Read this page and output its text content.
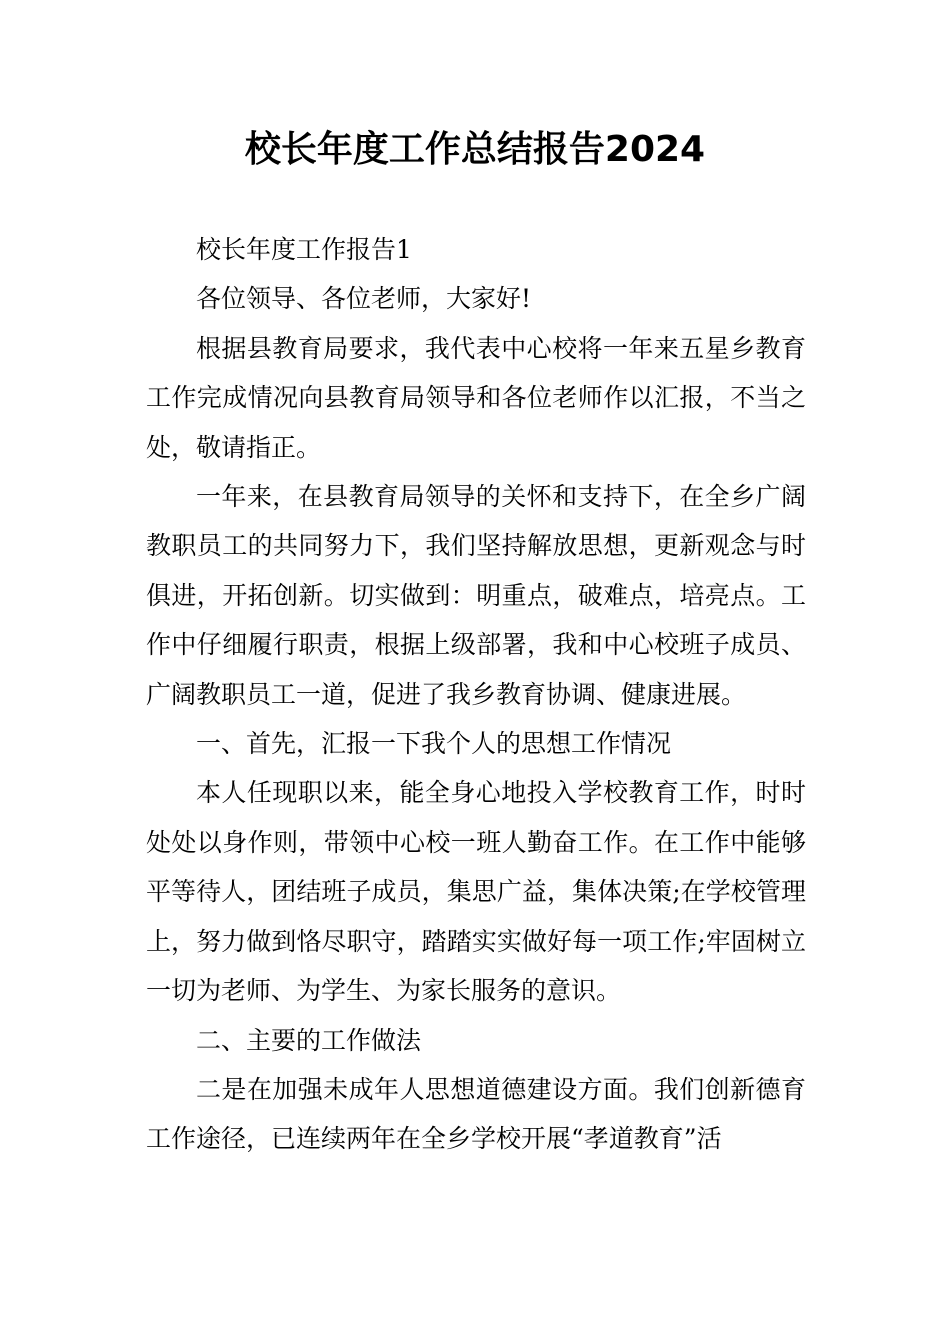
校长年度工作总结报告2024

校长年度工作报告1

各位领导、各位老师，大家好!

根据县教育局要求，我代表中心校将一年来五星乡教育工作完成情况向县教育局领导和各位老师作以汇报，不当之处，敬请指正。

一年来，在县教育局领导的关怀和支持下，在全乡广阔教职员工的共同努力下，我们坚持解放思想，更新观念与时俱进，开拓创新。切实做到：明重点，破难点，培亮点。工作中仔细履行职责，根据上级部署，我和中心校班子成员、广阔教职员工一道，促进了我乡教育协调、健康进展。

一、首先，汇报一下我个人的思想工作情况

本人任现职以来，能全身心地投入学校教育工作，时时处处以身作则，带领中心校一班人勤奋工作。在工作中能够平等待人，团结班子成员，集思广益，集体决策;在学校管理上，努力做到恪尽职守，踏踏实实做好每一项工作;牢固树立一切为老师、为学生、为家长服务的意识。

二、主要的工作做法

二是在加强未成年人思想道德建设方面。我们创新德育工作途径，已连续两年在全乡学校开展“孝道教育”活
